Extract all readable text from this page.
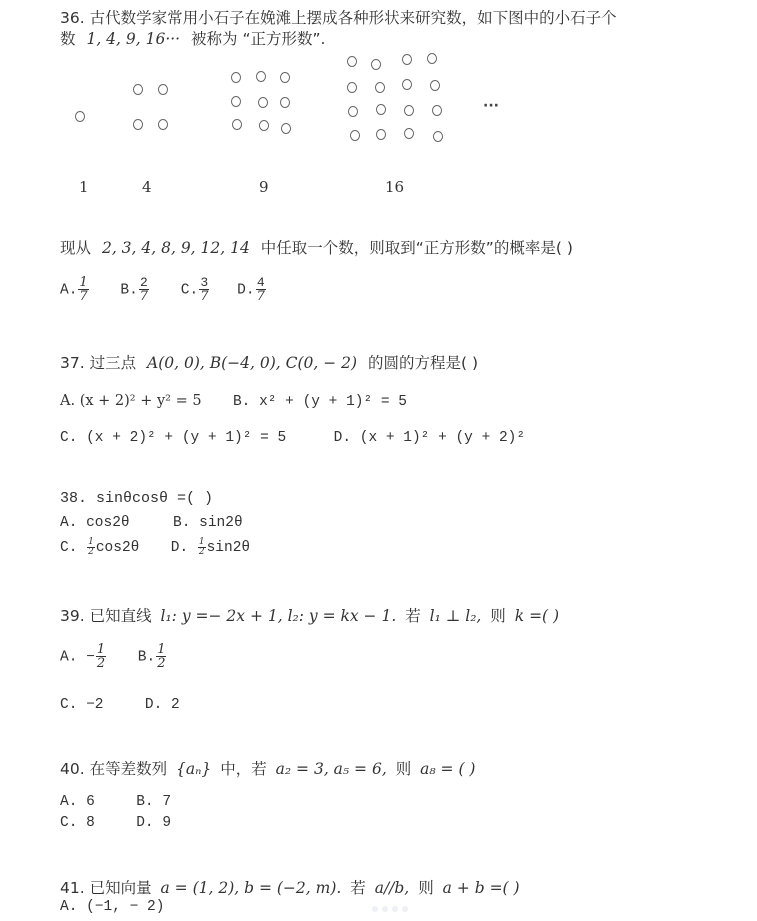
36. 古代数学家常用小石子在娩滩上摆成各种形状来研究数，如下图中的小石子个
数 1, 4, 9, 16··· 被称为 “正方形数”.
···
1	4	9	16
现从 2, 3, 4, 8, 9, 12, 14 中任取一个数，则取到“正方形数”的概率是( )
A. $\frac{1}{7} B$. $\frac{2}{7} C$. $\frac{3}{7} D$. $\frac{4}{7}$
37. 过三点 A(0, 0), B(−4, 0), C(0, − 2) 的圆的方程是( )
A. (x + 2)² + y² = 5 B. x² + (y + 1)² = 5
C. (x + 2)² + (y + 1)² = 5	D. (x + 1)² + (y + 2)²
38. sinθcosθ =( )
A. cos2θ	B. sin2θ
C. $\frac{1}{2} \cos 2\theta$ D. $\frac{1}{2} \sin 2\theta$
39. 已知直线 l₁: y =− 2x + 1, l₂: y = kx − 1. 若 l₁ ⊥ l₂, 则 k =( )
A. − $\frac{1}{2} B$. $\frac{1}{2}$
C. −2	D. 2
40. 在等差数列 {aₙ} 中，若 a₂ = 3, a₅ = 6, 则 a₈ = ( )
A. 6	B. 7
C. 8	D. 9
41. 已知向量 a = (1, 2), b = (−2, m). 若 a//b, 则 a + b =( )
A. (−1, − 2)
